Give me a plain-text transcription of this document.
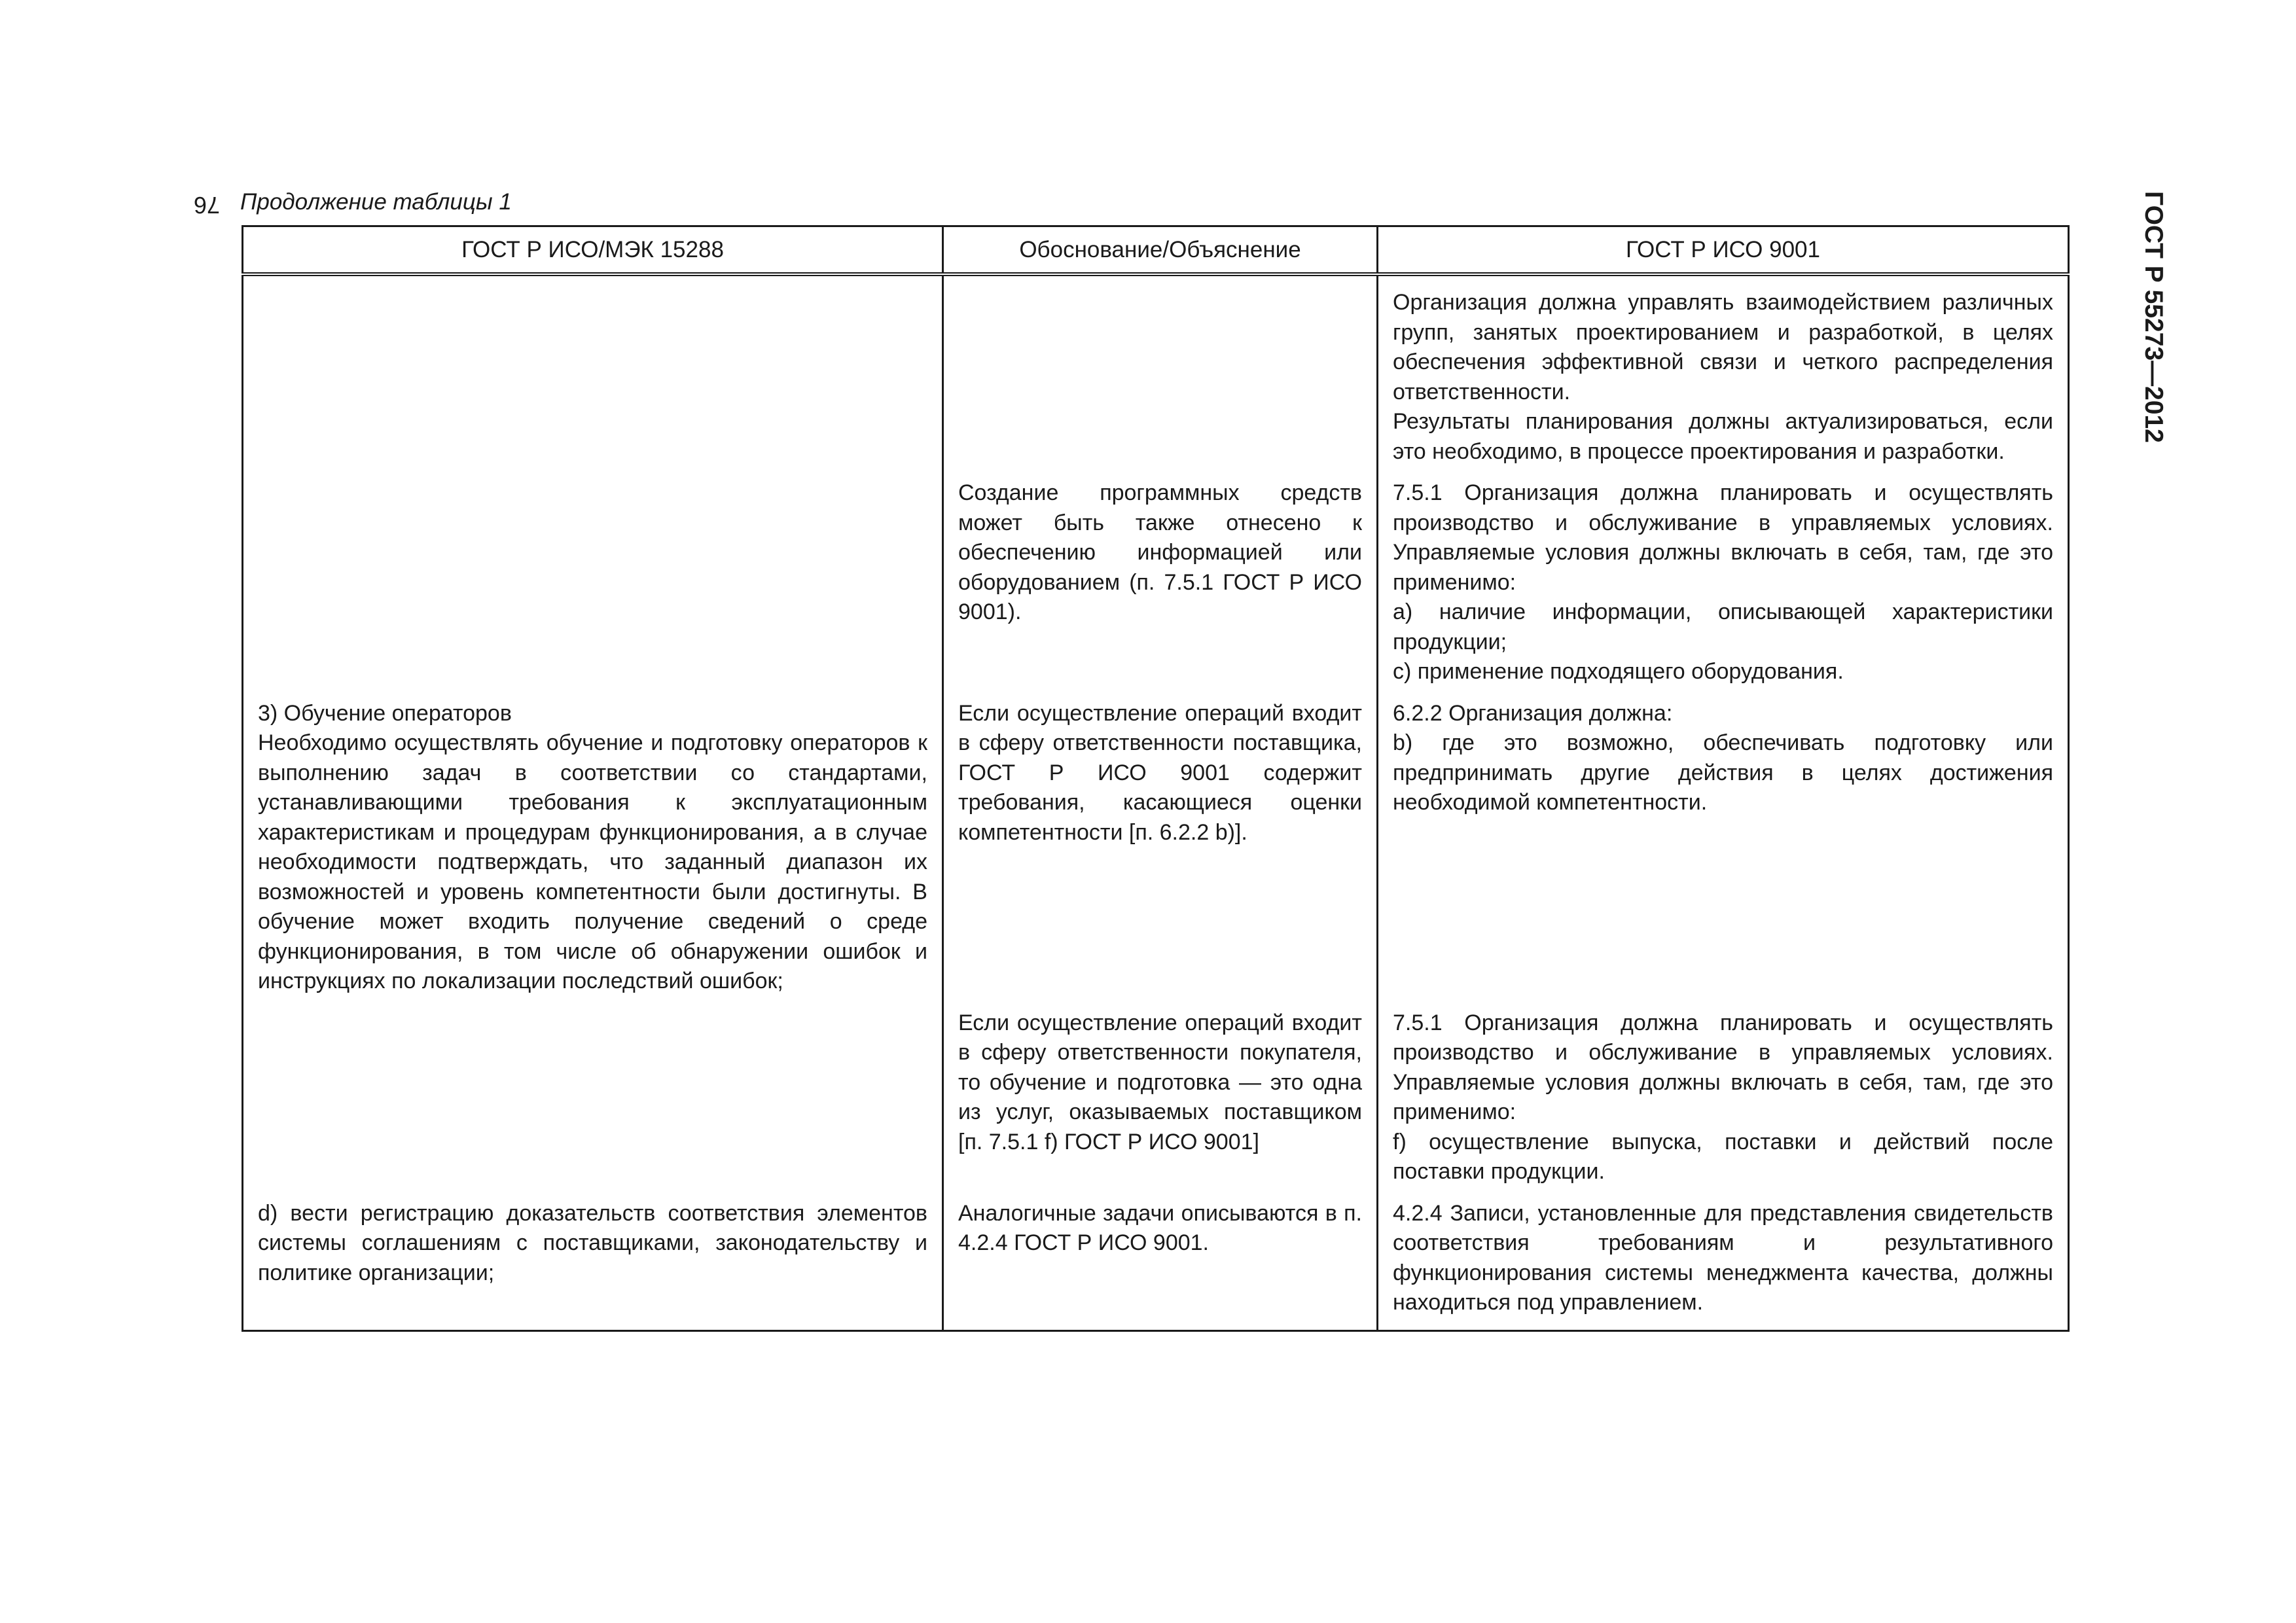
76 Продолжение таблицы 1	ГОСТ Р 55273—2012
ГОСТ Р ИСО/МЭК 15288	Обоснование/Объяснение	ГОСТ Р ИСО 9001

		Организация должна управлять взаимодействием различных групп, занятых проектированием и разработкой, в целях обеспечения эффективной связи и четкого распределения ответственности.
Результаты планирования должны актуализироваться, если это необходимо, в процессе проектирования и разработки.

	Создание программных средств может быть также отнесено к обеспечению информацией или оборудованием (п. 7.5.1 ГОСТ Р ИСО 9001).	7.5.1 Организация должна планировать и осуществлять производство и обслуживание в управляемых условиях. Управляемые условия должны включать в себя, там, где это применимо:
a) наличие информации, описывающей характеристики продукции;
c) применение подходящего оборудования.

3) Обучение операторов
Необходимо осуществлять обучение и подготовку операторов к выполнению задач в соответствии со стандартами, устанавливающими требования к эксплуатационным характеристикам и процедурам функционирования, а в случае необходимости подтверждать, что заданный диапазон их возможностей и уровень компетентности были достигнуты. В обучение может входить получение сведений о среде функционирования, в том числе об обнаружении ошибок и инструкциях по локализации последствий ошибок;	Если осуществление операций входит в сферу ответственности поставщика, ГОСТ Р ИСО 9001 содержит требования, касающиеся оценки компетентности [п. 6.2.2 b)].	6.2.2 Организация должна:
b) где это возможно, обеспечивать подготовку или предпринимать другие действия в целях достижения необходимой компетентности.

	Если осуществление операций входит в сферу ответственности покупателя, то обучение и подготовка — это одна из услуг, оказываемых поставщиком [п. 7.5.1 f) ГОСТ Р ИСО 9001]	7.5.1 Организация должна планировать и осуществлять производство и обслуживание в управляемых условиях. Управляемые условия должны включать в себя, там, где это применимо:
f) осуществление выпуска, поставки и действий после поставки продукции.

d) вести регистрацию доказательств соответствия элементов системы соглашениям с поставщиками, законодательству и политике организации;	Аналогичные задачи описываются в п. 4.2.4 ГОСТ Р ИСО 9001.	4.2.4 Записи, установленные для представления свидетельств соответствия требованиям и результативного функционирования системы менеджмента качества, должны находиться под управлением.
